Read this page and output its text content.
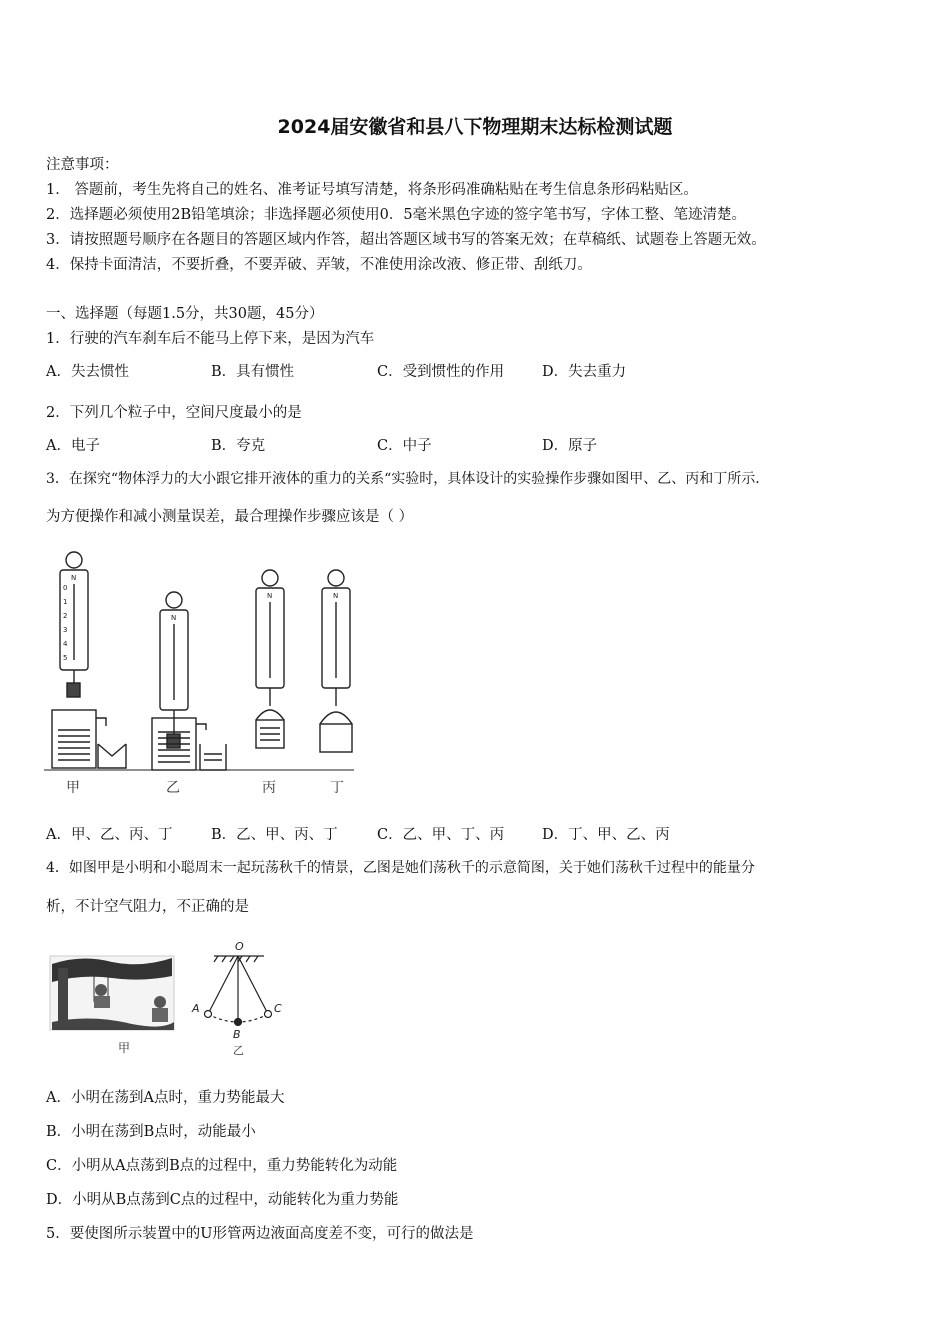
2024届安徽省和县八下物理期末达标检测试题
注意事项：
1． 答题前，考生先将自己的姓名、准考证号填写清楚，将条形码准确粘贴在考生信息条形码粘贴区。
2．选择题必须使用2B铅笔填涂；非选择题必须使用0．5毫米黑色字迹的签字笔书写，字体工整、笔迹清楚。
3．请按照题号顺序在各题目的答题区域内作答，超出答题区域书写的答案无效；在草稿纸、试题卷上答题无效。
4．保持卡面清洁，不要折叠，不要弄破、弄皱，不准使用涂改液、修正带、刮纸刀。
一、选择题（每题1.5分，共30题，45分）
1．行驶的汽车刹车后不能马上停下来，是因为汽车
A．失去惯性	B．具有惯性	C．受到惯性的作用	D．失去重力
2．下列几个粒子中，空间尺度最小的是
A．电子	B．夸克	C．中子	D．原子
3．在探究“物体浮力的大小跟它排开液体的重力的关系“实验时，具体设计的实验操作步骤如图甲、乙、丙和丁所示．
为方便操作和减小测量误差，最合理操作步骤应该是（ ）
N
N
N	N
0
1
2
3
4
5
甲	乙	丙	丁
A．甲、乙、丙、丁	B．乙、甲、丙、丁	C．乙、甲、丁、丙	D．丁、甲、乙、丙
4．如图甲是小明和小聪周末一起玩荡秋千的情景，乙图是她们荡秋千的示意简图，关于她们荡秋千过程中的能量分
析，不计空气阻力，不正确的是
甲
O
A
B
C
乙
A．小明在荡到A点时，重力势能最大
B．小明在荡到B点时，动能最小
C．小明从A点荡到B点的过程中，重力势能转化为动能
D．小明从B点荡到C点的过程中，动能转化为重力势能
5．要使图所示装置中的U形管两边液面高度差不变，可行的做法是
